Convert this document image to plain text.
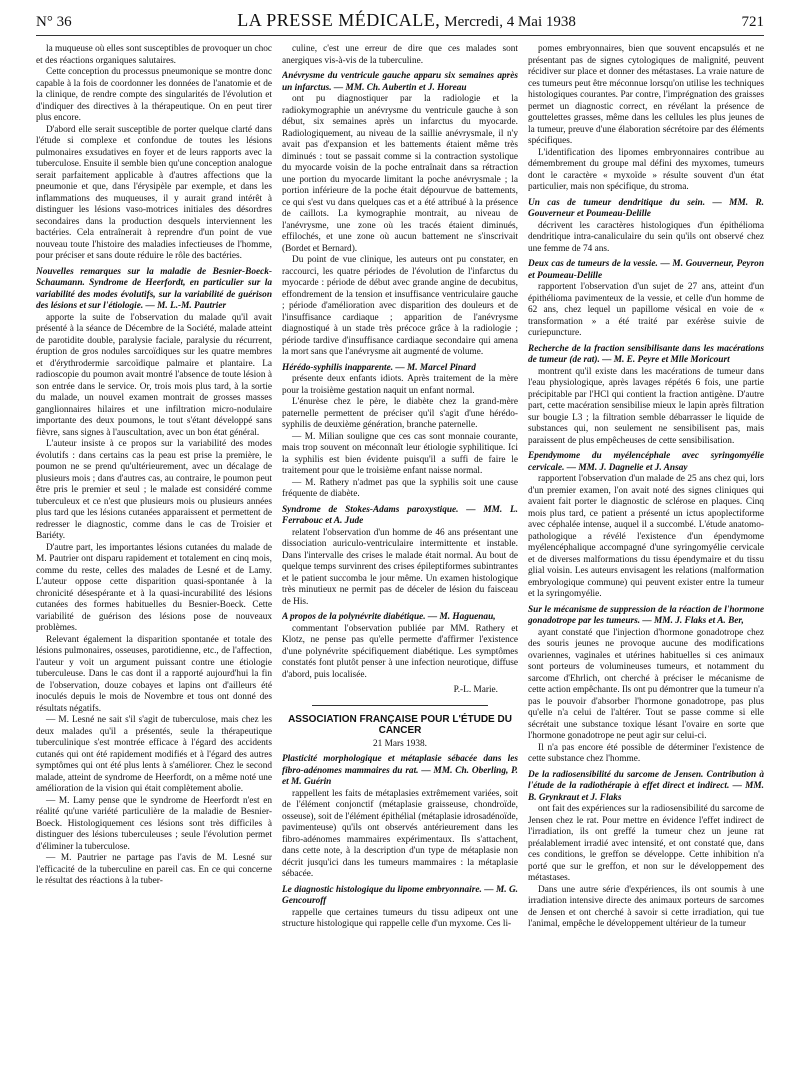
N° 36	LA PRESSE MÉDICALE, Mercredi, 4 Mai 1938	721

la muqueuse où elles sont susceptibles de provoquer un choc et des réactions organiques salutaires.

Cette conception du processus pneumonique se montre donc capable à la fois de coordonner les données de l'anatomie et de la clinique, de rendre compte des singularités de l'évolution et d'indiquer des directives à la thérapeutique. On en peut tirer plus encore.

D'abord elle serait susceptible de porter quelque clarté dans l'étude si complexe et confondue de toutes les lésions pulmonaires exsudatives en foyer et de leurs rapports avec la tuberculose. Ensuite il semble bien qu'une conception analogue serait parfaitement applicable à d'autres affections que la pneumonie et que, dans l'érysipèle par exemple, et dans les inflammations des muqueuses, il y aurait grand intérêt à distinguer les lésions vaso-motrices initiales des désordres secondaires dans la production desquels interviennent les bactéries. Cela entraînerait à reprendre d'un point de vue nouveau toute l'histoire des maladies infectieuses de l'homme, pour préciser et sans doute réduire le rôle des bactéries.

Nouvelles remarques sur la maladie de Besnier-Boeck-Schaumann. Syndrome de Heerfordt, en particulier sur la variabilité des modes évolutifs, sur la variabilité de guérison des lésions et sur l'étiologie. — M. L.-M. Pautrier

apporte la suite de l'observation du malade qu'il avait présenté à la séance de Décembre de la Société, malade atteint de parotidite double, paralysie faciale, paralysie du récurrent, éruption de gros nodules sarcoïdiques sur les quatre membres et d'érythrodermie sarcoïdique palmaire et plantaire. La radioscopie du poumon avait montré l'absence de toute lésion à son entrée dans le service. Or, trois mois plus tard, à la sortie du malade, un nouvel examen montrait de grosses masses ganglionnaires hilaires et une infiltration micro-nodulaire importante des deux poumons, le tout s'étant développé sans fièvre, sans signes à l'auscultation, avec un bon état général.

L'auteur insiste à ce propos sur la variabilité des modes évolutifs : dans certains cas la peau est prise la première, le poumon ne se prend qu'ultérieurement, avec un décalage de plusieurs mois ; dans d'autres cas, au contraire, le poumon peut être pris le premier et seul ; le malade est considéré comme tuberculeux et ce n'est que plusieurs mois ou plusieurs années plus tard que les lésions cutanées apparaissent et permettent de redresser le diagnostic, comme dans le cas de Troisier et Bariéty.

D'autre part, les importantes lésions cutanées du malade de M. Pautrier ont disparu rapidement et totalement en cinq mois, comme du reste, celles des malades de Lesné et de Lamy. L'auteur oppose cette disparition quasi-spontanée à la chronicité désespérante et à la quasi-incurabilité des lésions cutanées des formes habituelles du Besnier-Boeck. Cette variabilité de guérison des lésions pose de nouveaux problèmes.

Relevant également la disparition spontanée et totale des lésions pulmonaires, osseuses, parotidienne, etc., de l'affection, l'auteur y voit un argument puissant contre une étiologie tuberculeuse. Dans le cas dont il a rapporté aujourd'hui la fin de l'observation, douze cobayes et lapins ont d'ailleurs été inoculés depuis le mois de Novembre et tous ont donné des résultats négatifs.

— M. Lesné ne sait s'il s'agit de tuberculose, mais chez les deux malades qu'il a présentés, seule la thérapeutique tuberculinique s'est montrée efficace à l'égard des accidents cutanés qui ont été rapidement modifiés et à l'égard des autres symptômes qui ont été plus lents à s'améliorer. Chez le second malade, atteint de syndrome de Heerfordt, on a même noté une amélioration de la vision qui était complètement abolie.

— M. Lamy pense que le syndrome de Heerfordt n'est en réalité qu'une variété particulière de la maladie de Besnier-Boeck. Histologiquement ces lésions sont très difficiles à distinguer des lésions tuberculeuses ; seule l'évolution permet d'éliminer la tuberculose.

— M. Pautrier ne partage pas l'avis de M. Lesné sur l'efficacité de la tuberculine en pareil cas. En ce qui concerne le résultat des réactions à la tuber-

culine, c'est une erreur de dire que ces malades sont anergiques vis-à-vis de la tuberculine.

Anévrysme du ventricule gauche apparu six semaines après un infarctus. — MM. Ch. Aubertin et J. Horeau

ont pu diagnostiquer par la radiologie et la radiokymographie un anévrysme du ventricule gauche à son début, six semaines après un infarctus du myocarde. Radiologiquement, au niveau de la saillie anévrysmale, il n'y avait pas d'expansion et les battements étaient même très diminués : tout se passait comme si la contraction systolique du myocarde voisin de la poche entraînait dans sa rétraction une portion du myocarde limitant la poche anévrysmale ; la portion inférieure de la poche était dépourvue de battements, ce qui s'est vu dans quelques cas et a été attribué à la présence de caillots. La kymographie montrait, au niveau de l'anévrysme, une zone où les tracés étaient diminués, effilochés, et une zone où aucun battement ne s'inscrivait (Bordet et Bernard).

Du point de vue clinique, les auteurs ont pu constater, en raccourci, les quatre périodes de l'évolution de l'infarctus du myocarde : période de début avec grande angine de decubitus, effondrement de la tension et insuffisance ventriculaire gauche ; période d'amélioration avec disparition des douleurs et de l'insuffisance cardiaque ; apparition de l'anévrysme diagnostiqué à un stade très précoce grâce à la radiologie ; période tardive d'insuffisance cardiaque secondaire qui amena la mort sans que l'anévrysme ait augmenté de volume.

Hérédo-syphilis inapparente. — M. Marcel Pinard

présente deux enfants idiots. Après traitement de la mère pour la troisième gestation naquit un enfant normal.

L'énurèse chez le père, le diabète chez la grand-mère paternelle permettent de préciser qu'il s'agit d'une hérédo-syphilis de deuxième génération, branche paternelle.

— M. Milian souligne que ces cas sont monnaie courante, mais trop souvent on méconnaît leur étiologie syphilitique. Ici la syphilis est bien évidente puisqu'il a suffi de faire le traitement pour que le troisième enfant naisse normal.

— M. Rathery n'admet pas que la syphilis soit une cause fréquente de diabète.

Syndrome de Stokes-Adams paroxystique. — MM. L. Ferrabouc et A. Jude

relatent l'observation d'un homme de 46 ans présentant une dissociation auriculo-ventriculaire intermittente et instable. Dans l'intervalle des crises le malade était normal. Au bout de quelque temps survinrent des crises épileptiformes subintrantes et le patient succomba le jour même. Un examen histologique très minutieux ne permit pas de déceler de lésion du faisceau de His.

A propos de la polynévrite diabétique. — M. Haguenau,

commentant l'observation publiée par MM. Rathery et Klotz, ne pense pas qu'elle permette d'affirmer l'existence d'une polynévrite spécifiquement diabétique. Les symptômes constatés font plutôt penser à une infection neurotique, diffuse d'abord, puis localisée.

P.-L. Marie.
ASSOCIATION FRANÇAISE POUR L'ÉTUDE DU CANCER
21 Mars 1938.

Plasticité morphologique et métaplasie sébacée dans les fibro-adénomes mammaires du rat. — MM. Ch. Oberling, P. et M. Guérin

rappellent les faits de métaplasies extrêmement variées, soit de l'élément conjonctif (métaplasie graisseuse, chondroïde, osseuse), soit de l'élément épithélial (métaplasie idrosadénoïde, pavimenteuse) qu'ils ont observés antérieurement dans les fibro-adénomes mammaires expérimentaux. Ils s'attachent, dans cette note, à la description d'un type de métaplasie non décrit jusqu'ici dans les tumeurs mammaires : la métaplasie sébacée.

Le diagnostic histologique du lipome embryonnaire. — M. G. Gencouroff

rappelle que certaines tumeurs du tissu adipeux ont une structure histologique qui rappelle celle d'un myxome. Ces li-

pomes embryonnaires, bien que souvent encapsulés et ne présentant pas de signes cytologiques de malignité, peuvent récidiver sur place et donner des métastases. La vraie nature de ces tumeurs peut être méconnue lorsqu'on utilise les techniques histologiques courantes. Par contre, l'imprégnation des graisses permet un diagnostic correct, en révélant la présence de gouttelettes grasses, même dans les cellules les plus jeunes de la tumeur, preuve d'une élaboration sécrétoire par des éléments spécifiques.

L'identification des lipomes embryonnaires contribue au démembrement du groupe mal défini des myxomes, tumeurs dont le caractère « myxoïde » résulte souvent d'un état particulier, mais non spécifique, du stroma.

Un cas de tumeur dendritique du sein. — MM. R. Gouverneur et Poumeau-Delille

décrivent les caractères histologiques d'un épithélioma dendritique intra-canaliculaire du sein qu'ils ont observé chez une femme de 74 ans.

Deux cas de tumeurs de la vessie. — M. Gouverneur, Peyron et Poumeau-Delille

rapportent l'observation d'un sujet de 27 ans, atteint d'un épithélioma pavimenteux de la vessie, et celle d'un homme de 62 ans, chez lequel un papillome vésical en voie de « transformation » a été traité par exérèse suivie de curiepuncture.

Recherche de la fraction sensibilisante dans les macérations de tumeur (de rat). — M. E. Peyre et Mlle Moricourt

montrent qu'il existe dans les macérations de tumeur dans l'eau physiologique, après lavages répétés 6 fois, une partie précipitable par l'HCl qui contient la fraction antigène. D'autre part, cette macération sensibilise mieux le lapin après filtration sur bougie L3 ; la filtration semble débarrasser le liquide de substances qui, non seulement ne sensibilisent pas, mais paraissent de plus empêcheuses de cette sensibilisation.

Ependymome du myélencéphale avec syringomyélie cervicale. — MM. J. Dagnelie et J. Ansay

rapportent l'observation d'un malade de 25 ans chez qui, lors d'un premier examen, l'on avait noté des signes cliniques qui avaient fait porter le diagnostic de sclérose en plaques. Cinq mois plus tard, ce patient a présenté un ictus apoplectiforme avec céphalée intense, auquel il a succombé. L'étude anatomo-pathologique a révélé l'existence d'un épendymome myélencéphalique accompagné d'une syringomyélie cervicale et de diverses malformations du tissu épendymaire et du tissu glial voisin. Les auteurs envisagent les relations (malformation embryologique commune) qui peuvent exister entre la tumeur et la syringomyélie.

Sur le mécanisme de suppression de la réaction de l'hormone gonadotrope par les tumeurs. — MM. J. Flaks et A. Ber,

ayant constaté que l'injection d'hormone gonadotrope chez des souris jeunes ne provoque aucune des modifications ovariennes, vaginales et utérines habituelles si ces animaux sont porteurs de volumineuses tumeurs, et notamment du sarcome d'Ehrlich, ont cherché à préciser le mécanisme de cette action empêchante. Ils ont pu démontrer que la tumeur n'a pas le pouvoir d'absorber l'hormone gonadotrope, pas plus qu'elle n'a celui de l'altérer. Tout se passe comme si elle sécrétait une substance toxique lésant l'ovaire en sorte que l'hormone gonadotrope ne peut agir sur celui-ci.

Il n'a pas encore été possible de déterminer l'existence de cette substance chez l'homme.

De la radiosensibilité du sarcome de Jensen. Contribution à l'étude de la radiothérapie à effet direct et indirect. — MM. B. Grynkraut et J. Flaks

ont fait des expériences sur la radiosensibilité du sarcome de Jensen chez le rat. Pour mettre en évidence l'effet indirect de l'irradiation, ils ont greffé la tumeur chez un jeune rat préalablement irradié avec intensité, et ont constaté que, dans ces conditions, le greffon se développe. Cette inhibition n'a porté que sur le greffon, et non sur le développement des métastases.

Dans une autre série d'expériences, ils ont soumis à une irradiation intensive directe des animaux porteurs de sarcomes de Jensen et ont cherché à savoir si cette irradiation, qui tue l'animal, empêche le développement ultérieur de la tumeur
